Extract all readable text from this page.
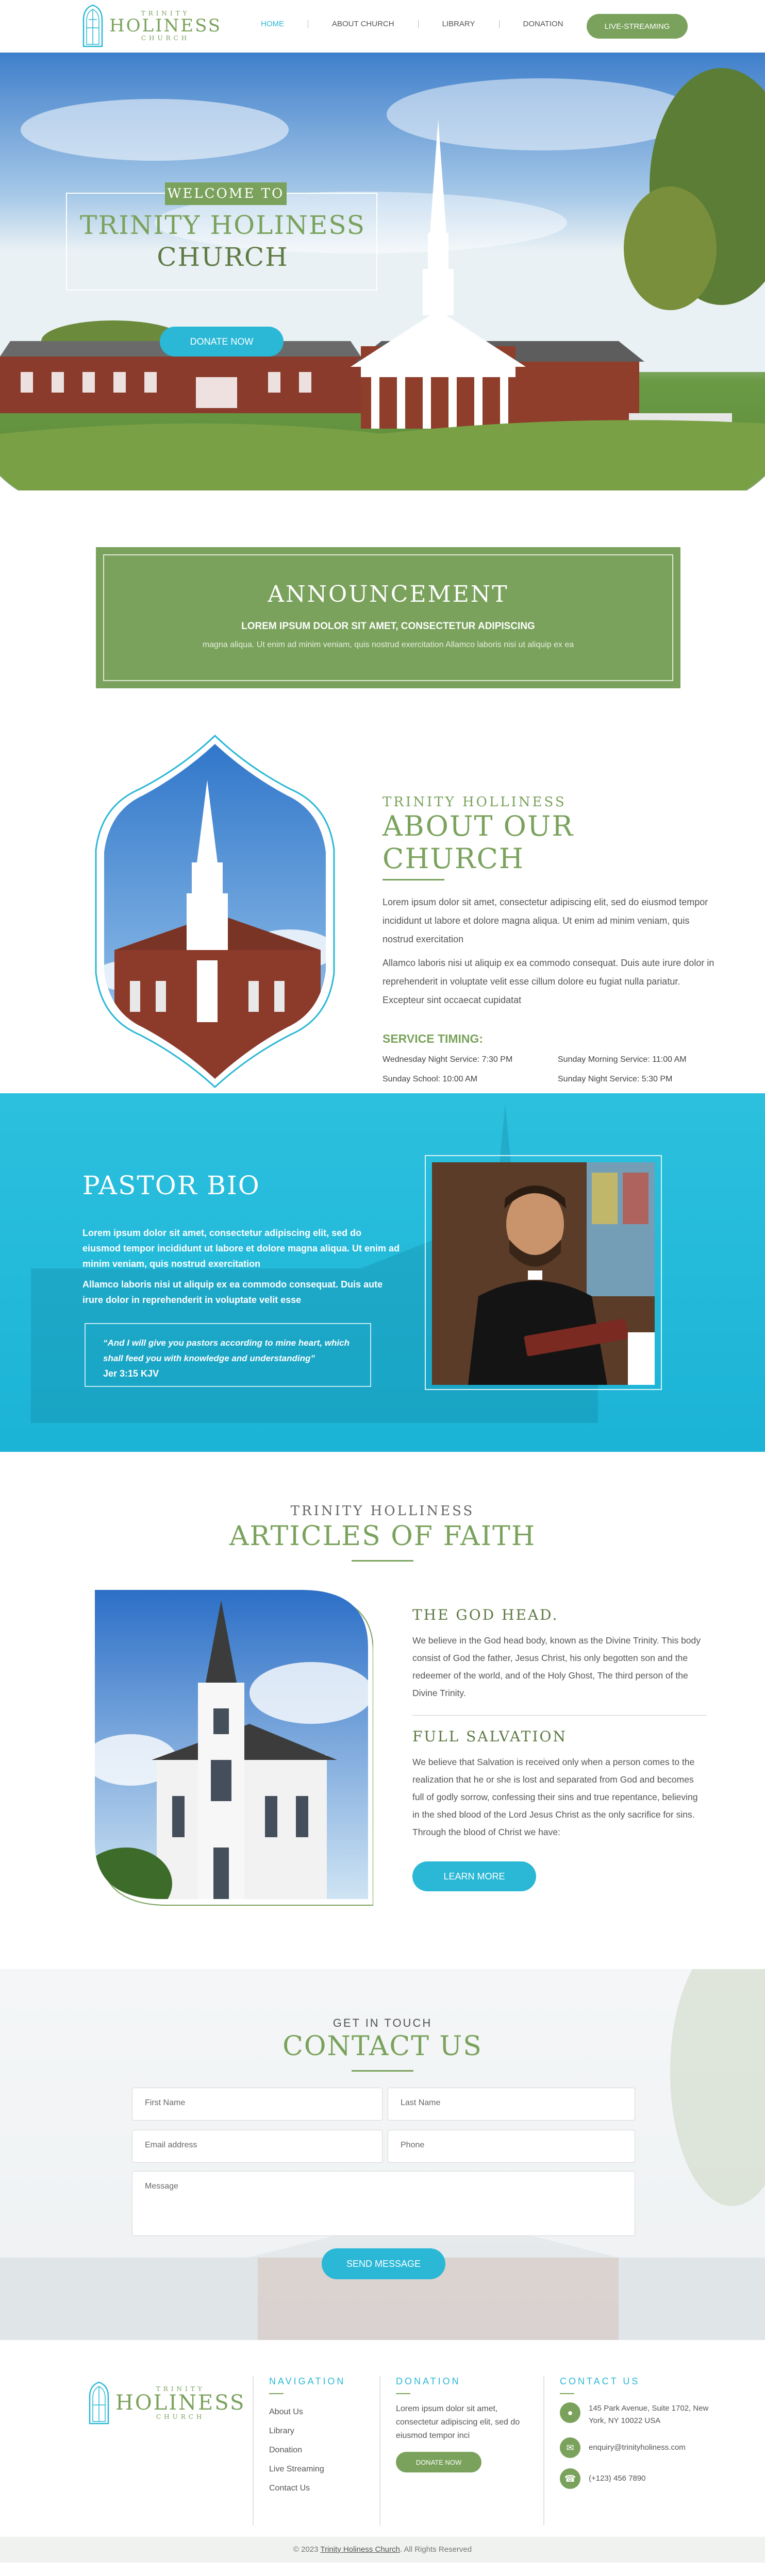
TRINITY
HOLINESS
CHURCH
HOME	ABOUT CHURCH	LIBRARY	DONATION	LIVE-STREAMING
WELCOME TO
TRINITY HOLINESS
CHURCH
DONATE NOW
ANNOUNCEMENT
LOREM IPSUM DOLOR SIT AMET, CONSECTETUR ADIPISCING
magna aliqua. Ut enim ad minim veniam, quis nostrud exercitation Allamco laboris nisi ut aliquip ex ea
TRINITY HOLLINESS
ABOUT OUR CHURCH
Lorem ipsum dolor sit amet, consectetur adipiscing elit, sed do eiusmod tempor incididunt ut labore et dolore magna aliqua. Ut enim ad minim veniam, quis nostrud exercitation
Allamco laboris nisi ut aliquip ex ea commodo consequat. Duis aute irure dolor in reprehenderit in voluptate velit esse cillum dolore eu fugiat nulla pariatur. Excepteur sint occaecat cupidatat
SERVICE TIMING:
Wednesday Night Service: 7:30 PM	Sunday Morning Service: 11:00 AM
Sunday School: 10:00 AM	Sunday Night Service: 5:30 PM
PASTOR BIO
Lorem ipsum dolor sit amet, consectetur adipiscing elit, sed do eiusmod tempor incididunt ut labore et dolore magna aliqua. Ut enim ad minim veniam, quis nostrud exercitation
Allamco laboris nisi ut aliquip ex ea commodo consequat. Duis aute irure dolor in reprehenderit in voluptate velit esse
“And I will give you pastors according to mine heart, which shall feed you with knowledge and understanding”
Jer 3:15 KJV
TRINITY HOLLINESS
ARTICLES OF FAITH
THE GOD HEAD.
We believe in the God head body, known as the Divine Trinity. This body consist of God the father, Jesus Christ, his only begotten son and the redeemer of the world, and of the Holy Ghost, The third person of the Divine Trinity.
FULL SALVATION
We believe that Salvation is received only when a person comes to the realization that he or she is lost and separated from God and becomes full of godly sorrow, confessing their sins and true repentance, believing in the shed blood of the Lord Jesus Christ as the only sacrifice for sins. Through the blood of Christ we have:
LEARN MORE
GET IN TOUCH
CONTACT US
First Name	Last Name
Email address	Phone
Message
SEND MESSAGE
TRINITY
HOLINESS
CHURCH
NAVIGATION
About Us
Library
Donation
Live Streaming
Contact Us
DONATION
Lorem ipsum dolor sit amet, consectetur adipiscing elit, sed do eiusmod tempor inci
DONATE NOW
CONTACT US
●	145 Park Avenue, Suite 1702, New York, NY 10022 USA
✉	enquiry@trinityholiness.com
☎	(+123) 456 7890
© 2023 Trinity Holiness Church. All Rights Reserved
